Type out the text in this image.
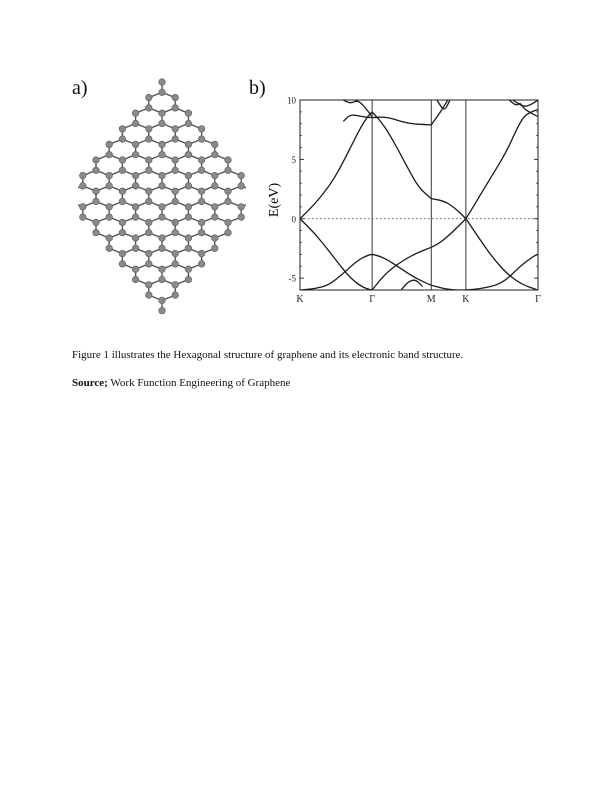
a)	b)
-5
0
5
10
K	Γ	M	K	Γ
E(eV)
Figure 1 illustrates the Hexagonal structure of graphene and its electronic band structure.
Source; Work Function Engineering of Graphene
